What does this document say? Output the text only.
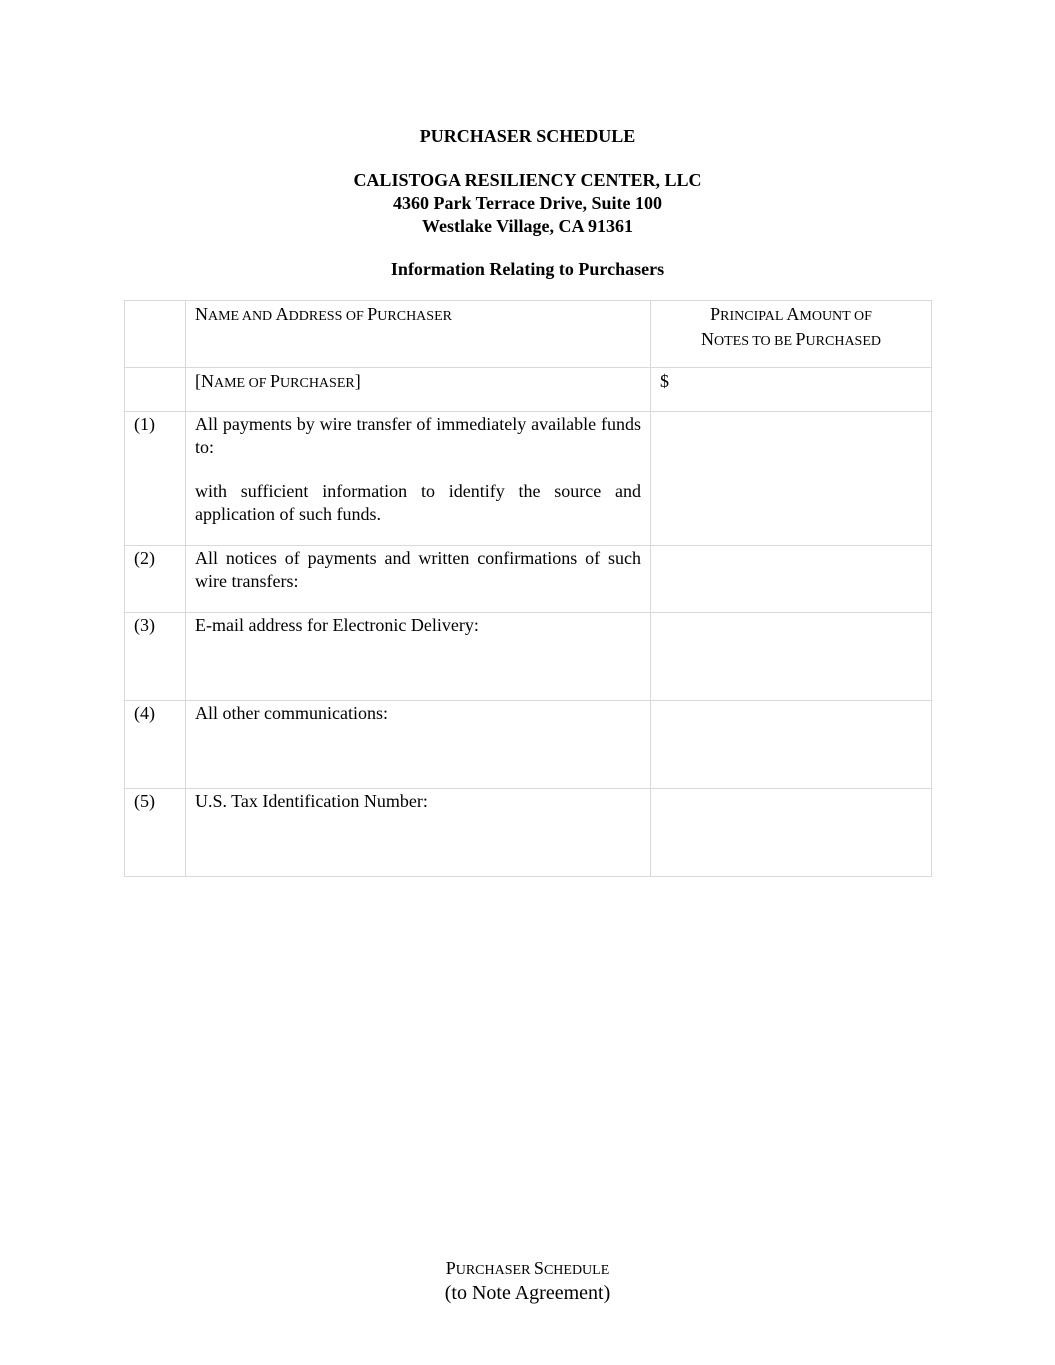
PURCHASER SCHEDULE
CALISTOGA RESILIENCY CENTER, LLC
4360 Park Terrace Drive, Suite 100
Westlake Village, CA 91361
Information Relating to Purchasers
	NAME AND ADDRESS OF PURCHASER	PRINCIPAL AMOUNT OF
NOTES TO BE PURCHASED

	[NAME OF PURCHASER]	$
(1)	All payments by wire transfer of immediately available funds to:
with sufficient information to identify the source and application of such funds.	

(2)	All notices of payments and written confirmations of such wire transfers:	
(3)	E-mail address for Electronic Delivery:	
(4)	All other communications:	
(5)	U.S. Tax Identification Number:	
PURCHASER SCHEDULE
(to Note Agreement)
